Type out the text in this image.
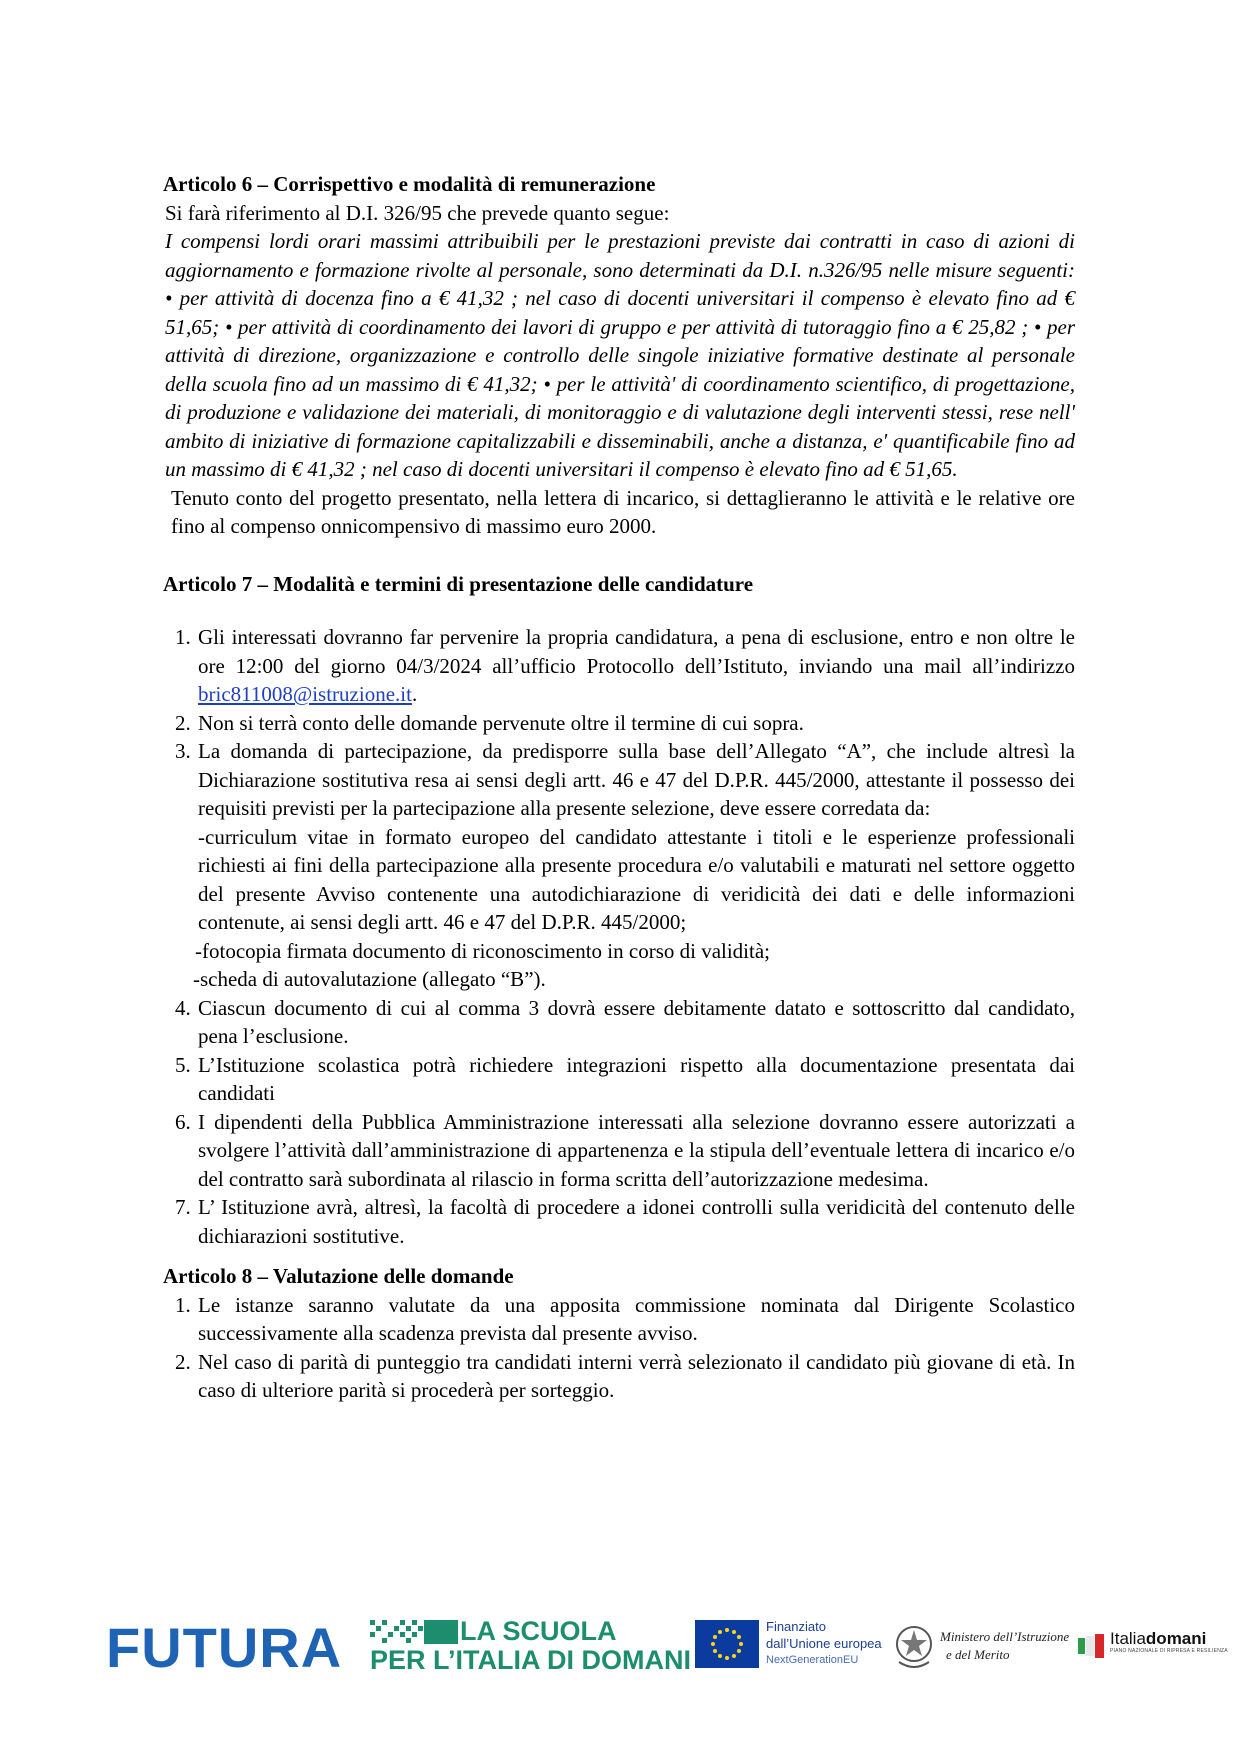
Articolo 6 – Corrispettivo e modalità di remunerazione

Si farà riferimento al D.I. 326/95 che prevede quanto segue:

I compensi lordi orari massimi attribuibili per le prestazioni previste dai contratti in caso di azioni di aggiornamento e formazione rivolte al personale, sono determinati da D.I. n.326/95 nelle misure seguenti: • per attività di docenza fino a € 41,32 ; nel caso di docenti universitari il compenso è elevato fino ad € 51,65; • per attività di coordinamento dei lavori di gruppo e per attività di tutoraggio fino a € 25,82 ; • per attività di direzione, organizzazione e controllo delle singole iniziative formative destinate al personale della scuola fino ad un massimo di € 41,32; • per le attività' di coordinamento scientifico, di progettazione, di produzione e validazione dei materiali, di monitoraggio e di valutazione degli interventi stessi, rese nell' ambito di iniziative di formazione capitalizzabili e disseminabili, anche a distanza, e' quantificabile fino ad un massimo di € 41,32 ; nel caso di docenti universitari il compenso è elevato fino ad € 51,65.

Tenuto conto del progetto presentato, nella lettera di incarico, si dettaglieranno le attività e le relative ore fino al compenso onnicompensivo di massimo euro 2000.

Articolo 7 – Modalità e termini di presentazione delle candidature

1. Gli interessati dovranno far pervenire la propria candidatura, a pena di esclusione, entro e non oltre le ore 12:00 del giorno 04/3/2024 all’ufficio Protocollo dell’Istituto, inviando una mail all’indirizzo bric811008@istruzione.it.
2. Non si terrà conto delle domande pervenute oltre il termine di cui sopra.
3. La domanda di partecipazione, da predisporre sulla base dell’Allegato “A”, che include altresì la Dichiarazione sostitutiva resa ai sensi degli artt. 46 e 47 del D.P.R. 445/2000, attestante il possesso dei requisiti previsti per la partecipazione alla presente selezione, deve essere corredata da:
-curriculum vitae in formato europeo del candidato attestante i titoli e le esperienze professionali richiesti ai fini della partecipazione alla presente procedura e/o valutabili e maturati nel settore oggetto del presente Avviso contenente una autodichiarazione di veridicità dei dati e delle informazioni contenute, ai sensi degli artt. 46 e 47 del D.P.R. 445/2000;
-fotocopia firmata documento di riconoscimento in corso di validità;
-scheda di autovalutazione (allegato “B”).
4. Ciascun documento di cui al comma 3 dovrà essere debitamente datato e sottoscritto dal candidato, pena l’esclusione.
5. L’Istituzione scolastica potrà richiedere integrazioni rispetto alla documentazione presentata dai candidati
6. I dipendenti della Pubblica Amministrazione interessati alla selezione dovranno essere autorizzati a svolgere l’attività dall’amministrazione di appartenenza e la stipula dell’eventuale lettera di incarico e/o del contratto sarà subordinata al rilascio in forma scritta dell’autorizzazione medesima.
7. L’ Istituzione avrà, altresì, la facoltà di procedere a idonei controlli sulla veridicità del contenuto delle dichiarazioni sostitutive.

Articolo 8 – Valutazione delle domande

1. Le istanze saranno valutate da una apposita commissione nominata dal Dirigente Scolastico successivamente alla scadenza prevista dal presente avviso.
2. Nel caso di parità di punteggio tra candidati interni verrà selezionato il candidato più giovane di età. In caso di ulteriore parità si procederà per sorteggio.
FUTURA	LA SCUOLA
PER L’ITALIA DI DOMANI
Finanziato
dall’Unione europea
NextGenerationEU
Ministero dell’Istruzione
e del Merito
Italiadomani
PIANO NAZIONALE DI RIPRESA E RESILIENZA
